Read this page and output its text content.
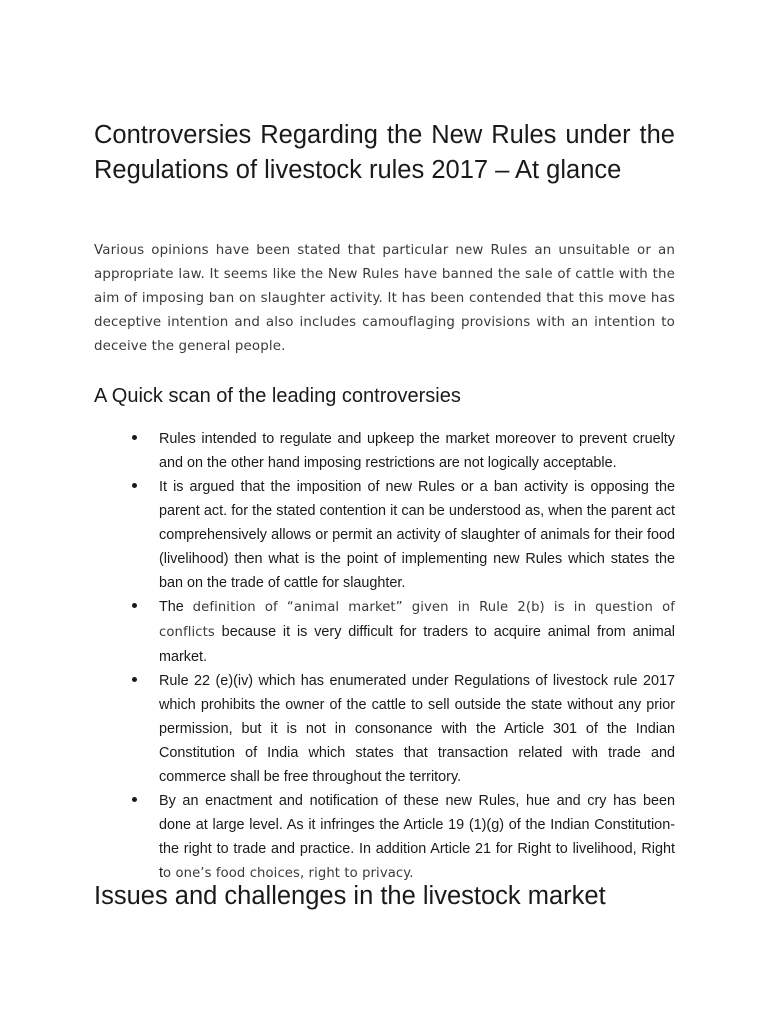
Controversies Regarding the New Rules under the Regulations of livestock rules 2017 – At glance

Various opinions have been stated that particular new Rules an unsuitable or an appropriate law. It seems like the New Rules have banned the sale of cattle with the aim of imposing ban on slaughter activity. It has been contended that this move has deceptive intention and also includes camouflaging provisions with an intention to deceive the general people.

A Quick scan of the leading controversies
Rules intended to regulate and upkeep the market moreover to prevent cruelty and on the other hand imposing restrictions are not logically acceptable.
It is argued that the imposition of new Rules or a ban activity is opposing the parent act. for the stated contention it can be understood as, when the parent act comprehensively allows or permit an activity of slaughter of animals for their food (livelihood) then what is the point of implementing new Rules which states the ban on the trade of cattle for slaughter.
The definition of “animal market” given in Rule 2(b) is in question of conflicts because it is very difficult for traders to acquire animal from animal market.
Rule 22 (e)(iv) which has enumerated under Regulations of livestock rule 2017 which prohibits the owner of the cattle to sell outside the state without any prior permission, but it is not in consonance with the Article 301 of the Indian Constitution of India which states that transaction related with trade and commerce shall be free throughout the territory.
By an enactment and notification of these new Rules, hue and cry has been done at large level. As it infringes the Article 19 (1)(g) of the Indian Constitution- the right to trade and practice. In addition Article 21 for Right to livelihood, Right to one’s food choices, right to privacy.
Issues and challenges in the livestock market
